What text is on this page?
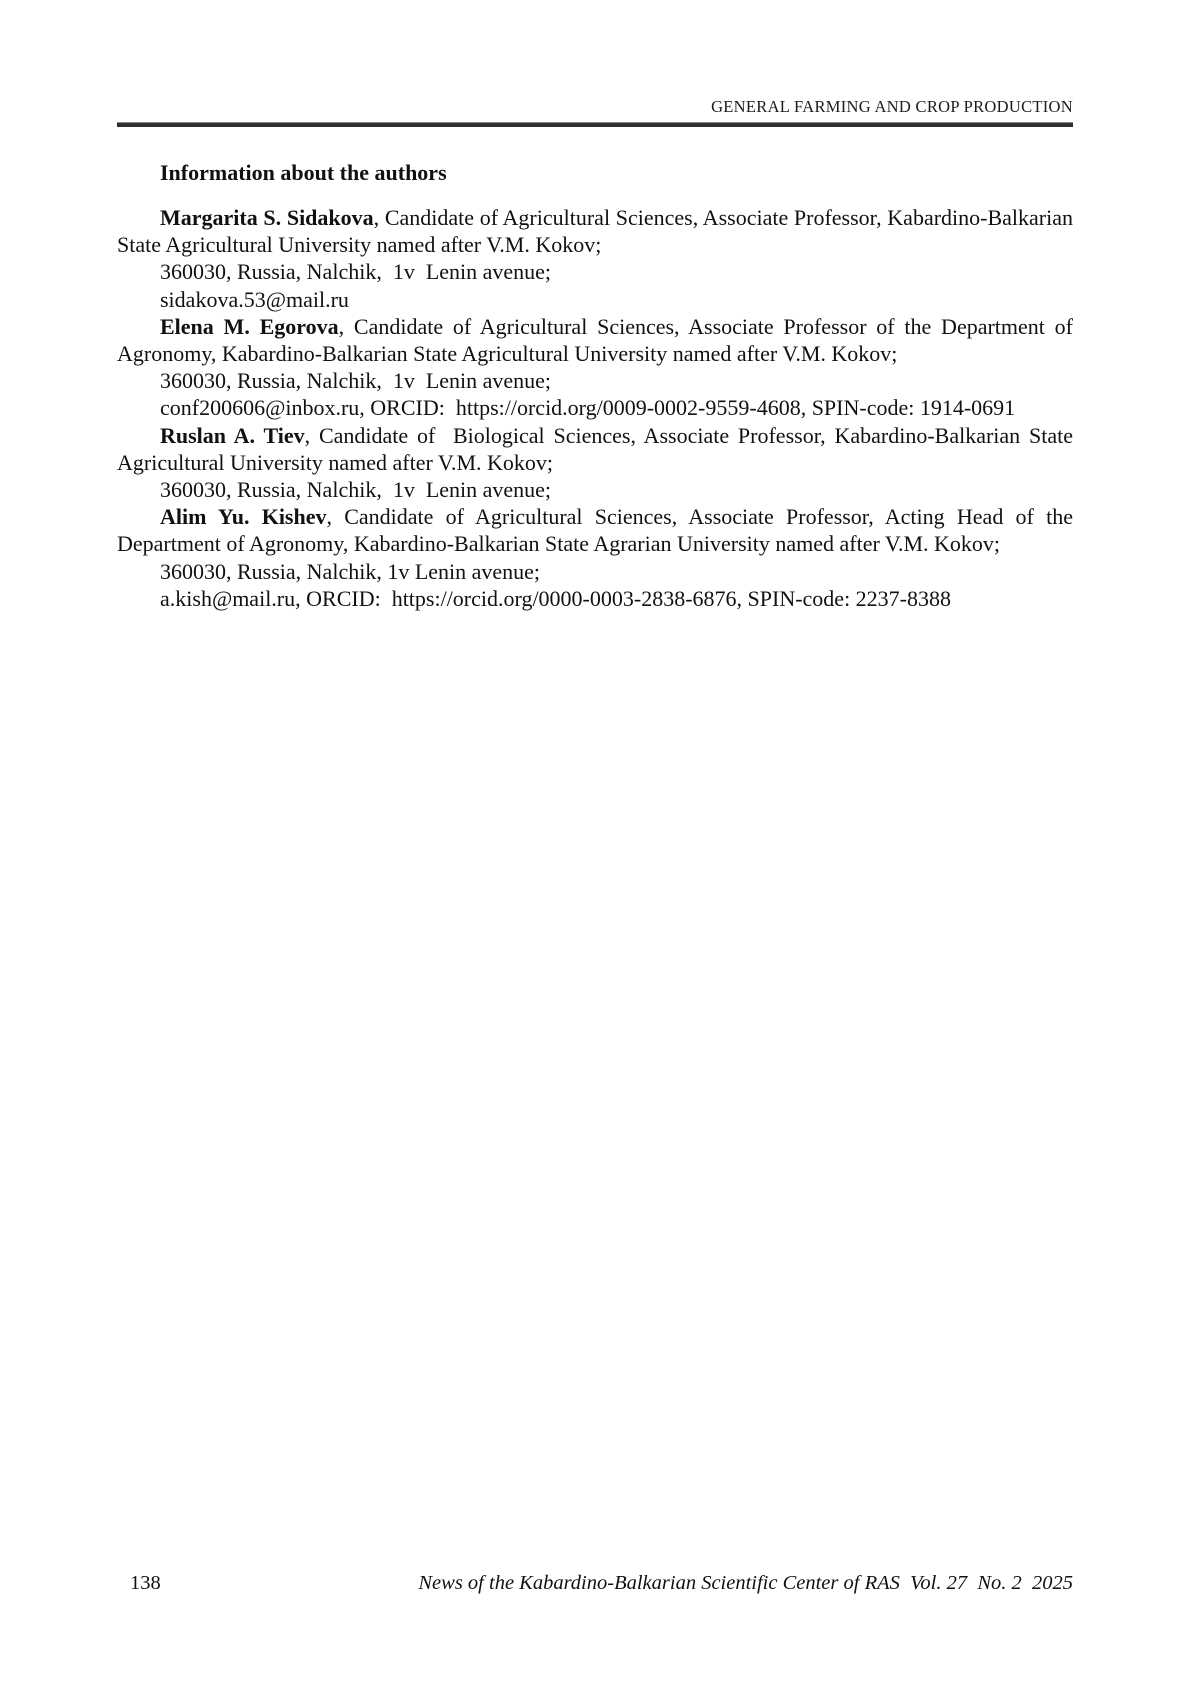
GENERAL FARMING AND CROP PRODUCTION
Information about the authors

Margarita S. Sidakova, Candidate of Agricultural Sciences, Associate Professor, Kabardino-Balkarian State Agricultural University named after V.M. Kokov;

360030, Russia, Nalchik,  1v  Lenin avenue;

sidakova.53@mail.ru

Elena M. Egorova, Candidate of Agricultural Sciences, Associate Professor of the Department of Agronomy, Kabardino-Balkarian State Agricultural University named after V.M. Kokov;

360030, Russia, Nalchik,  1v  Lenin avenue;

conf200606@inbox.ru, ORCID:  https://orcid.org/0009-0002-9559-4608, SPIN-code: 1914-0691

Ruslan A. Tiev, Candidate of  Biological Sciences, Associate Professor, Kabardino-Balkarian State Agricultural University named after V.M. Kokov;

360030, Russia, Nalchik,  1v  Lenin avenue;

Alim Yu. Kishev, Candidate of Agricultural Sciences, Associate Professor, Acting Head of the Department of Agronomy, Kabardino-Balkarian State Agrarian University named after V.M. Kokov;

360030, Russia, Nalchik, 1v Lenin avenue;

a.kish@mail.ru, ORCID:  https://orcid.org/0000-0003-2838-6876, SPIN-code: 2237-8388

138	News of the Kabardino-Balkarian Scientific Center of RAS  Vol. 27  No. 2  2025
